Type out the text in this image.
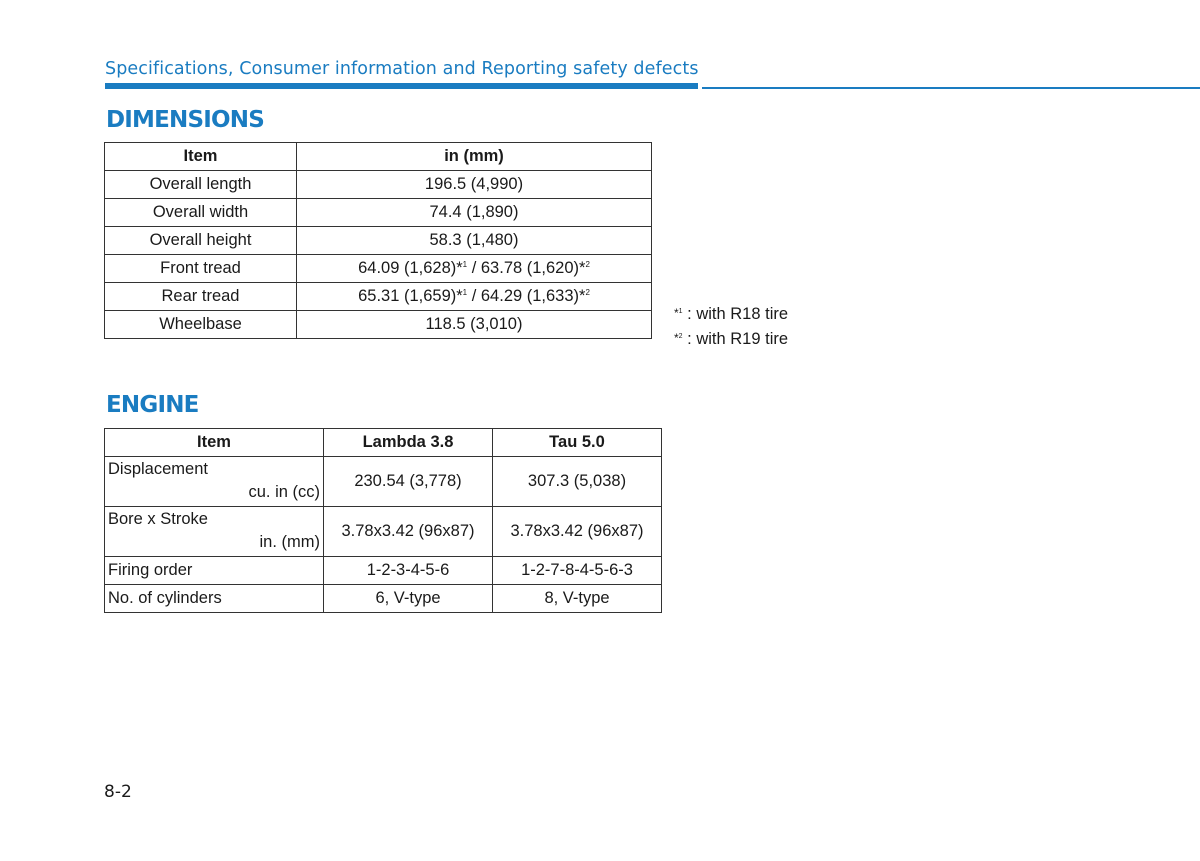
Specifications, Consumer information and Reporting safety defects
DIMENSIONS
Item	in (mm)
Overall length	196.5 (4,990)
Overall width	74.4 (1,890)
Overall height	58.3 (1,480)
Front tread	64.09 (1,628)*$^1$ / 63.78 (1,620)*$^2$
Rear tread	65.31 (1,659)*$^1$ / 64.29 (1,633)*$^2$
Wheelbase	118.5 (3,010)
*$^1$ : with R18 tire
*$^2$ : with R19 tire
ENGINE
Item	Lambda 3.8	Tau 5.0

Displacement
cu. in (cc)	230.54 (3,778)	307.3 (5,038)

Bore x Stroke
in. (mm)	3.78x3.42 (96x87)	3.78x3.42 (96x87)
Firing order	1-2-3-4-5-6	1-2-7-8-4-5-6-3
No. of cylinders	6, V-type	8, V-type
8-2
